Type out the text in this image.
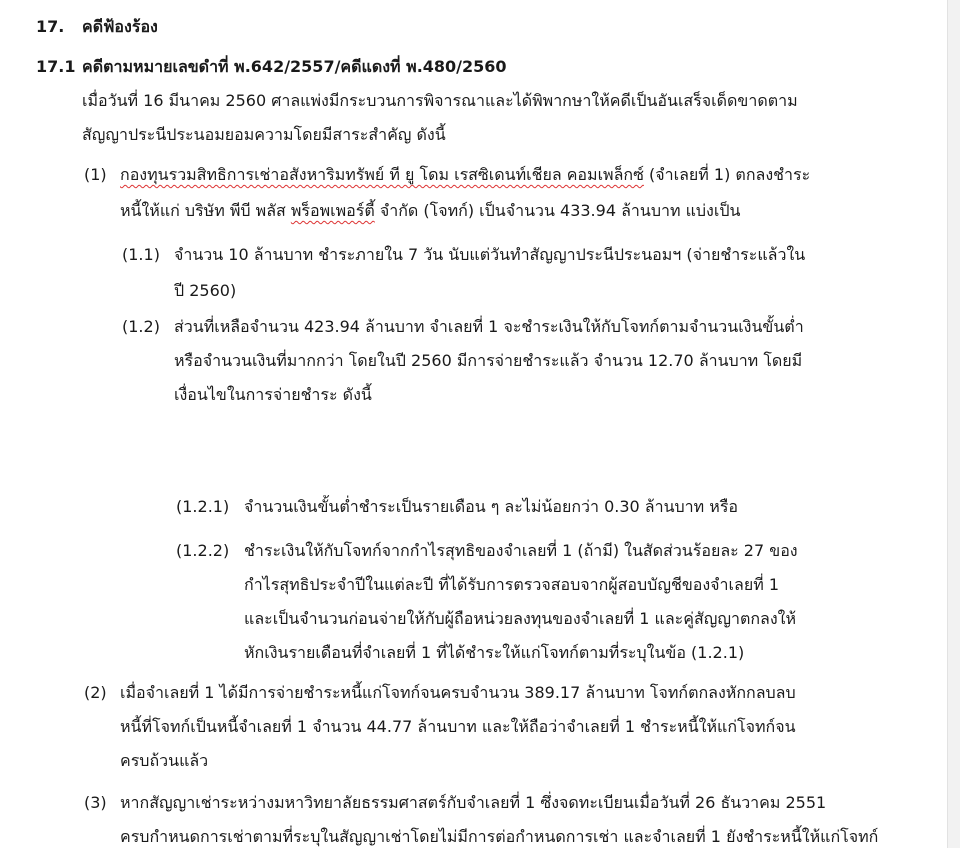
17. คดีฟ้องร้อง
17.1 คดีตามหมายเลขดำที่ พ.642/2557/คดีแดงที่ พ.480/2560
เมื่อวันที่ 16 มีนาคม 2560 ศาลแพ่งมีกระบวนการพิจารณาและได้พิพากษาให้คดีเป็นอันเสร็จเด็ดขาดตาม
สัญญาประนีประนอมยอมความโดยมีสาระสำคัญ ดังนี้
(1) กองทุนรวมสิทธิการเช่าอสังหาริมทรัพย์ ที ยู โดม เรสซิเดนท์เชียล คอมเพล็กซ์ (จำเลยที่ 1) ตกลงชำระ
หนี้ให้แก่ บริษัท พีบี พลัส พร็อพเพอร์ตี้ จำกัด (โจทก์) เป็นจำนวน 433.94 ล้านบาท แบ่งเป็น
(1.1) จำนวน 10 ล้านบาท ชำระภายใน 7 วัน นับแต่วันทำสัญญาประนีประนอมฯ (จ่ายชำระแล้วใน
ปี 2560)
(1.2) ส่วนที่เหลือจำนวน 423.94 ล้านบาท จำเลยที่ 1 จะชำระเงินให้กับโจทก์ตามจำนวนเงินขั้นต่ำ
หรือจำนวนเงินที่มากกว่า โดยในปี 2560 มีการจ่ายชำระแล้ว จำนวน 12.70 ล้านบาท โดยมี
เงื่อนไขในการจ่ายชำระ ดังนี้
(1.2.1) จำนวนเงินขั้นต่ำชำระเป็นรายเดือน ๆ ละไม่น้อยกว่า 0.30 ล้านบาท หรือ
(1.2.2) ชำระเงินให้กับโจทก์จากกำไรสุทธิของจำเลยที่ 1 (ถ้ามี) ในสัดส่วนร้อยละ 27 ของ
กำไรสุทธิประจำปีในแต่ละปี ที่ได้รับการตรวจสอบจากผู้สอบบัญชีของจำเลยที่ 1
และเป็นจำนวนก่อนจ่ายให้กับผู้ถือหน่วยลงทุนของจำเลยที่ 1 และคู่สัญญาตกลงให้
หักเงินรายเดือนที่จำเลยที่ 1 ที่ได้ชำระให้แก่โจทก์ตามที่ระบุในข้อ (1.2.1)
(2) เมื่อจำเลยที่ 1 ได้มีการจ่ายชำระหนี้แก่โจทก์จนครบจำนวน 389.17 ล้านบาท โจทก์ตกลงหักกลบลบ
หนี้ที่โจทก์เป็นหนี้จำเลยที่ 1 จำนวน 44.77 ล้านบาท และให้ถือว่าจำเลยที่ 1 ชำระหนี้ให้แก่โจทก์จน
ครบถ้วนแล้ว
(3) หากสัญญาเช่าระหว่างมหาวิทยาลัยธรรมศาสตร์กับจำเลยที่ 1 ซึ่งจดทะเบียนเมื่อวันที่ 26 ธันวาคม 2551
ครบกำหนดการเช่าตามที่ระบุในสัญญาเช่าโดยไม่มีการต่อกำหนดการเช่า และจำเลยที่ 1 ยังชำระหนี้ให้แก่โจทก์
